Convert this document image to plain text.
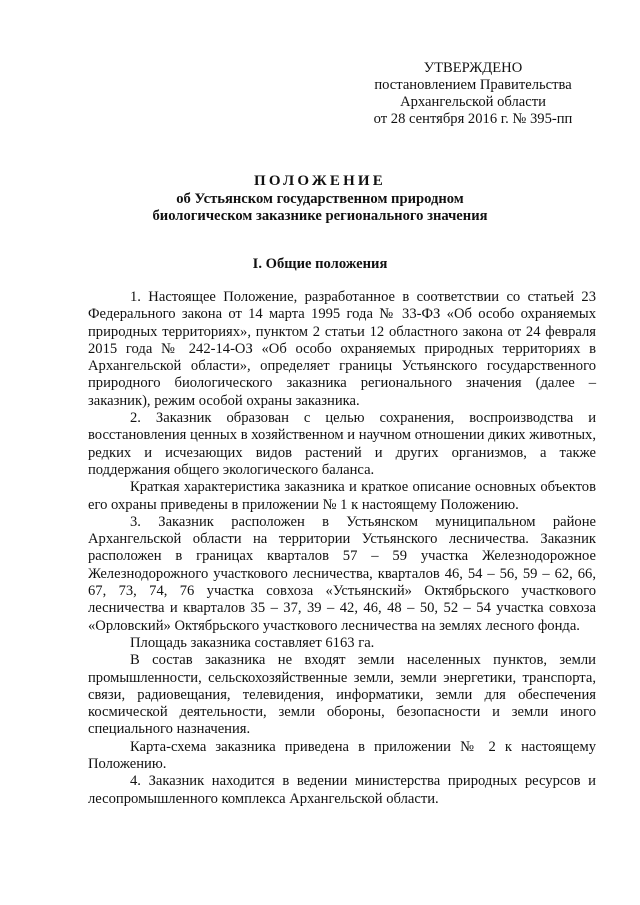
УТВЕРЖДЕНО
постановлением Правительства
Архангельской области
от 28 сентября 2016 г. № 395-пп

ПОЛОЖЕНИЕ

об Устьянском государственном природном

биологическом заказнике регионального значения

I. Общие положения

1. Настоящее Положение, разработанное в соответствии со статьей 23 Федерального закона от 14 марта 1995 года № 33-ФЗ «Об особо охраняемых природных территориях», пунктом 2 статьи 12 областного закона от 24 февраля 2015 года № 242-14-ОЗ «Об особо охраняемых природных территориях в Архангельской области», определяет границы Устьянского государственного природного биологического заказника регионального значения (далее – заказник), режим особой охраны заказника.

2. Заказник образован с целью сохранения, воспроизводства и восстановления ценных в хозяйственном и научном отношении диких животных, редких и исчезающих видов растений и других организмов, а также поддержания общего экологического баланса.

Краткая характеристика заказника и краткое описание основных объектов его охраны приведены в приложении № 1 к настоящему Положению.

3. Заказник расположен в Устьянском муниципальном районе Архангельской области на территории Устьянского лесничества. Заказник расположен в границах кварталов 57 – 59 участка Железнодорожное Железнодорожного участкового лесничества, кварталов 46, 54 – 56, 59 – 62, 66, 67, 73, 74, 76 участка совхоза «Устьянский» Октябрьского участкового лесничества и кварталов 35 – 37, 39 – 42, 46, 48 – 50, 52 – 54 участка совхоза «Орловский» Октябрьского участкового лесничества на землях лесного фонда.

Площадь заказника составляет 6163 га.

В состав заказника не входят земли населенных пунктов, земли промышленности, сельскохозяйственные земли, земли энергетики, транспорта, связи, радиовещания, телевидения, информатики, земли для обеспечения космической деятельности, земли обороны, безопасности и земли иного специального назначения.

Карта-схема заказника приведена в приложении № 2 к настоящему Положению.

4. Заказник находится в ведении министерства природных ресурсов и лесопромышленного комплекса Архангельской области.
